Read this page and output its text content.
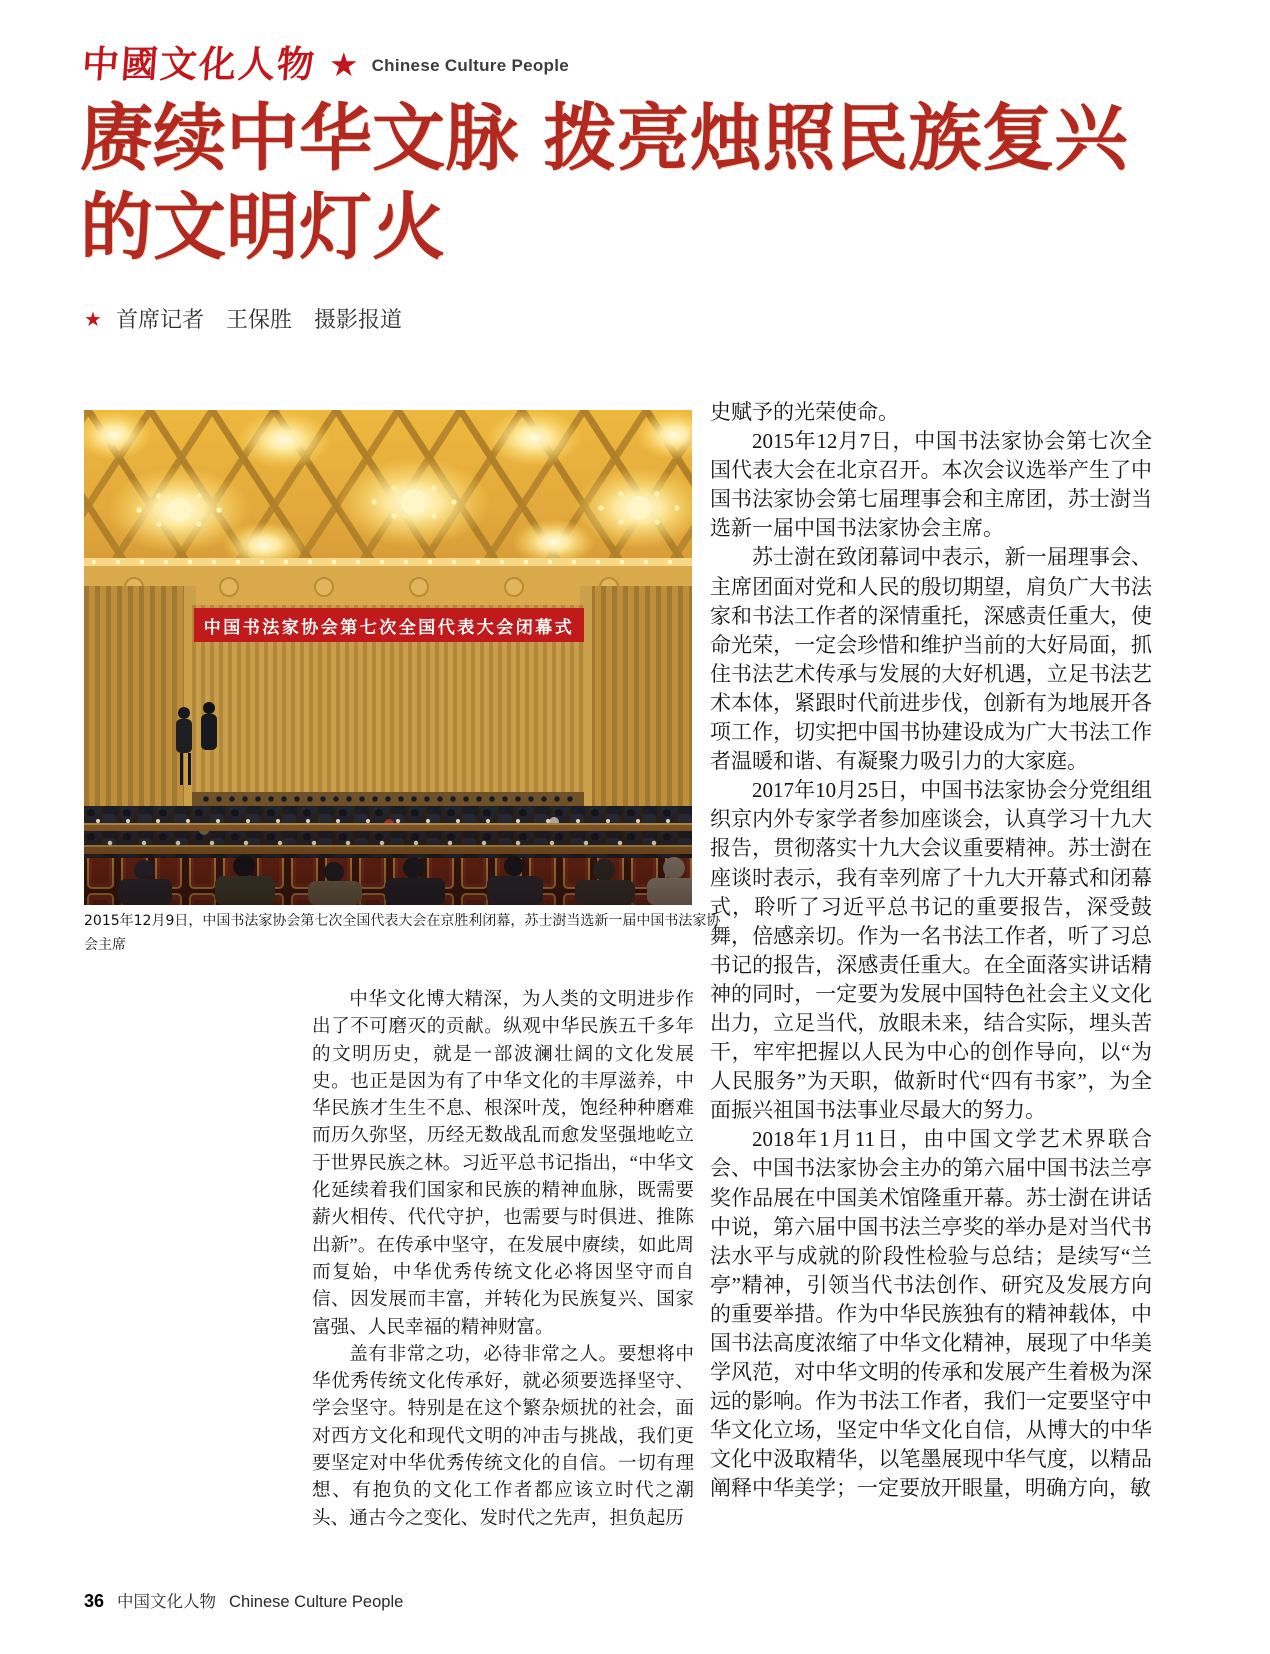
中國文化人物 ★ Chinese Culture People
赓续中华文脉 拨亮烛照民族复兴的文明灯火
★ 首席记者　王保胜　摄影报道
中国书法家协会第七次全国代表大会闭幕式
2015年12月9日，中国书法家协会第七次全国代表大会在京胜利闭幕，苏士澍当选新一届中国书法家协
会主席

中华文化博大精深，为人类的文明进步作出了不可磨灭的贡献。纵观中华民族五千多年的文明历史，就是一部波澜壮阔的文化发展史。也正是因为有了中华文化的丰厚滋养，中华民族才生生不息、根深叶茂，饱经种种磨难而历久弥坚，历经无数战乱而愈发坚强地屹立于世界民族之林。习近平总书记指出，“中华文化延续着我们国家和民族的精神血脉，既需要薪火相传、代代守护，也需要与时俱进、推陈出新”。在传承中坚守，在发展中赓续，如此周而复始，中华优秀传统文化必将因坚守而自信、因发展而丰富，并转化为民族复兴、国家富强、人民幸福的精神财富。

盖有非常之功，必待非常之人。要想将中华优秀传统文化传承好，就必须要选择坚守、学会坚守。特别是在这个繁杂烦扰的社会，面对西方文化和现代文明的冲击与挑战，我们更要坚定对中华优秀传统文化的自信。一切有理想、有抱负的文化工作者都应该立时代之潮头、通古今之变化、发时代之先声，担负起历

史赋予的光荣使命。

2015年12月7日，中国书法家协会第七次全国代表大会在北京召开。本次会议选举产生了中国书法家协会第七届理事会和主席团，苏士澍当选新一届中国书法家协会主席。

苏士澍在致闭幕词中表示，新一届理事会、主席团面对党和人民的殷切期望，肩负广大书法家和书法工作者的深情重托，深感责任重大，使命光荣，一定会珍惜和维护当前的大好局面，抓住书法艺术传承与发展的大好机遇，立足书法艺术本体，紧跟时代前进步伐，创新有为地展开各项工作，切实把中国书协建设成为广大书法工作者温暖和谐、有凝聚力吸引力的大家庭。

2017年10月25日，中国书法家协会分党组组织京内外专家学者参加座谈会，认真学习十九大报告，贯彻落实十九大会议重要精神。苏士澍在座谈时表示，我有幸列席了十九大开幕式和闭幕式，聆听了习近平总书记的重要报告，深受鼓舞，倍感亲切。作为一名书法工作者，听了习总书记的报告，深感责任重大。在全面落实讲话精神的同时，一定要为发展中国特色社会主义文化出力，立足当代，放眼未来，结合实际，埋头苦干，牢牢把握以人民为中心的创作导向，以“为人民服务”为天职，做新时代“四有书家”，为全面振兴祖国书法事业尽最大的努力。

2018年1月11日，由中国文学艺术界联合会、中国书法家协会主办的第六届中国书法兰亭奖作品展在中国美术馆隆重开幕。苏士澍在讲话中说，第六届中国书法兰亭奖的举办是对当代书法水平与成就的阶段性检验与总结；是续写“兰亭”精神，引领当代书法创作、研究及发展方向的重要举措。作为中华民族独有的精神载体，中国书法高度浓缩了中华文化精神，展现了中华美学风范，对中华文明的传承和发展产生着极为深远的影响。作为书法工作者，我们一定要坚守中华文化立场，坚定中华文化自信，从博大的中华文化中汲取精华，以笔墨展现中华气度，以精品阐释中华美学；一定要放开眼量，明确方向，敏

36 中国文化人物 Chinese Culture People
